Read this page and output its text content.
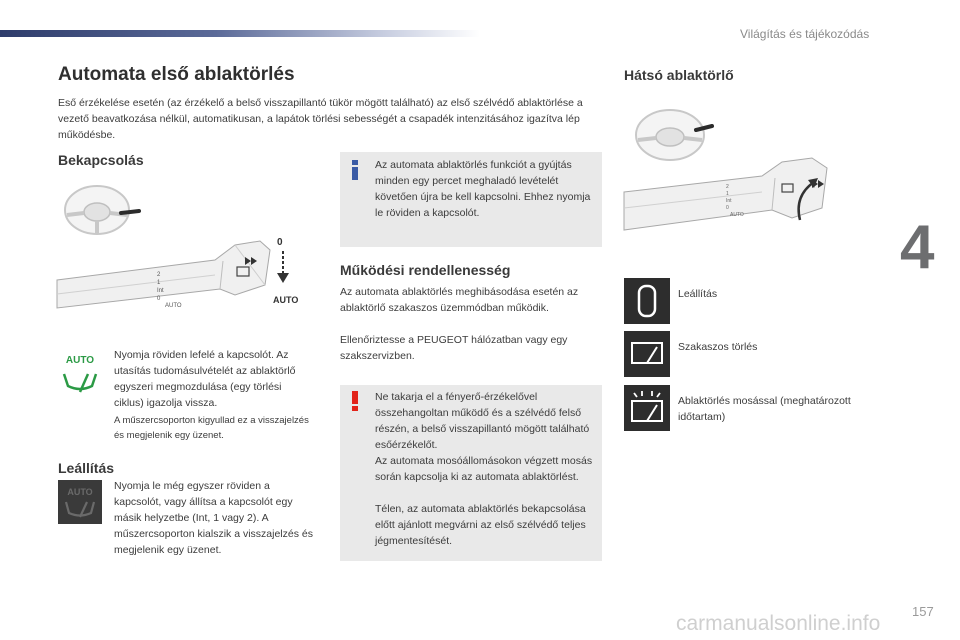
Világítás és tájékozódás
4
Automata első ablaktörlés
Eső érzékelése esetén (az érzékelő a belső visszapillantó tükör mögött található) az első szélvédő ablaktörlése a vezető beavatkozása nélkül, automatikusan, a lapátok törlési sebességét a csapadék intenzitásához igazítva lép működésbe.
Bekapcsolás
2
1
Int
0
AUTO
0
AUTO
AUTO Nyomja röviden lefelé a kapcsolót. Az utasítás tudomásulvételét az ablaktörlő egyszeri megmozdulása (egy törlési ciklus) igazolja vissza.
A műszercsoporton kigyullad ez a visszajelzés és megjelenik egy üzenet.
Leállítás
AUTO Nyomja le még egyszer röviden a kapcsolót, vagy állítsa a kapcsolót egy másik helyzetbe (Int, 1 vagy 2). A műszercsoporton kialszik a visszajelzés és megjelenik egy üzenet.
Az automata ablaktörlés funkciót a gyújtás minden egy percet meghaladó levételét követően újra be kell kapcsolni. Ehhez nyomja le röviden a kapcsolót.
Működési rendellenesség
Az automata ablaktörlés meghibásodása esetén az ablaktörlő szakaszos üzemmódban működik.
Ellenőriztesse a PEUGEOT hálózatban vagy egy szakszervizben.
Ne takarja el a fényerő-érzékelővel összehangoltan működő és a szélvédő felső részén, a belső visszapillantó mögött található esőérzékelőt.
Az automata mosóállomásokon végzett mosás során kapcsolja ki az automata ablaktörlést.
Télen, az automata ablaktörlés bekapcsolása előtt ajánlott megvárni az első szélvédő teljes jégmentesítését.
Hátsó ablaktörlő
2
1
Int
0
AUTO
Leállítás
Szakaszos törlés
Ablaktörlés mosással (meghatározott időtartam)
157
carmanualsonline.info
